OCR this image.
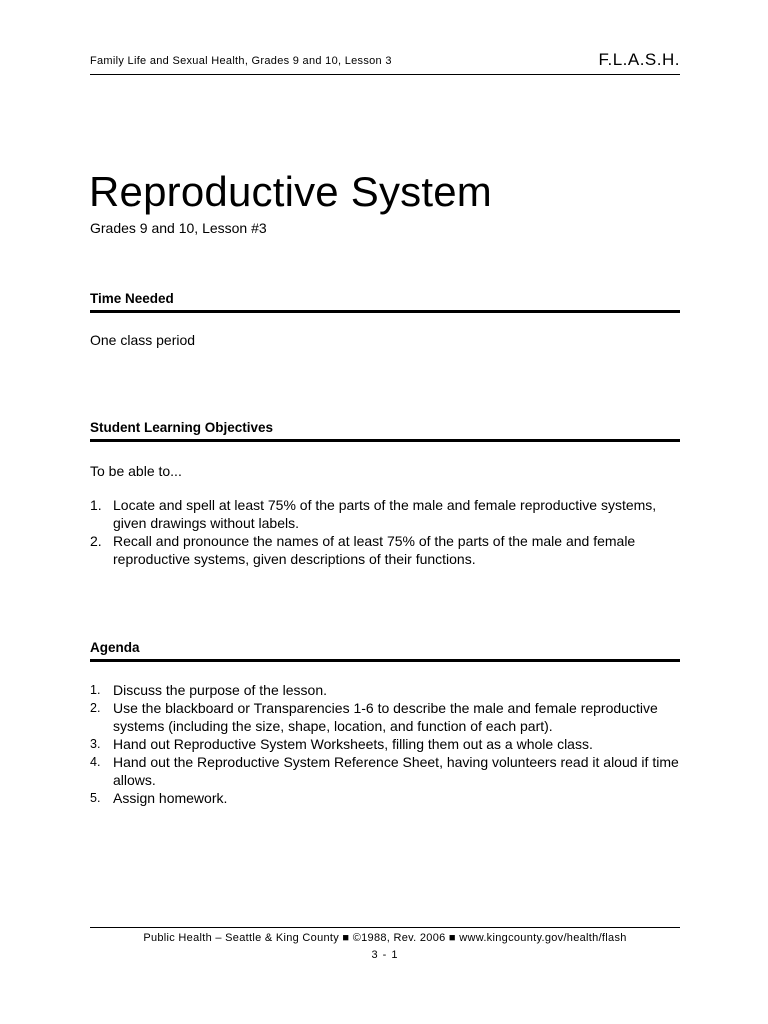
Family Life and Sexual Health, Grades 9 and 10, Lesson 3	F.L.A.S.H.
Reproductive System
Grades 9 and 10, Lesson #3
Time Needed
One class period
Student Learning Objectives
To be able to...
1. Locate and spell at least 75% of the parts of the male and female reproductive systems, given drawings without labels.
2. Recall and pronounce the names of at least 75% of the parts of the male and female reproductive systems, given descriptions of their functions.
Agenda
1. Discuss the purpose of the lesson.
2. Use the blackboard or Transparencies 1-6 to describe the male and female reproductive systems (including the size, shape, location, and function of each part).
3. Hand out Reproductive System Worksheets, filling them out as a whole class.
4. Hand out the Reproductive System Reference Sheet, having volunteers read it aloud if time allows.
5. Assign homework.
Public Health – Seattle & King County ■ ©1988, Rev. 2006 ■ www.kingcounty.gov/health/flash
3 - 1
